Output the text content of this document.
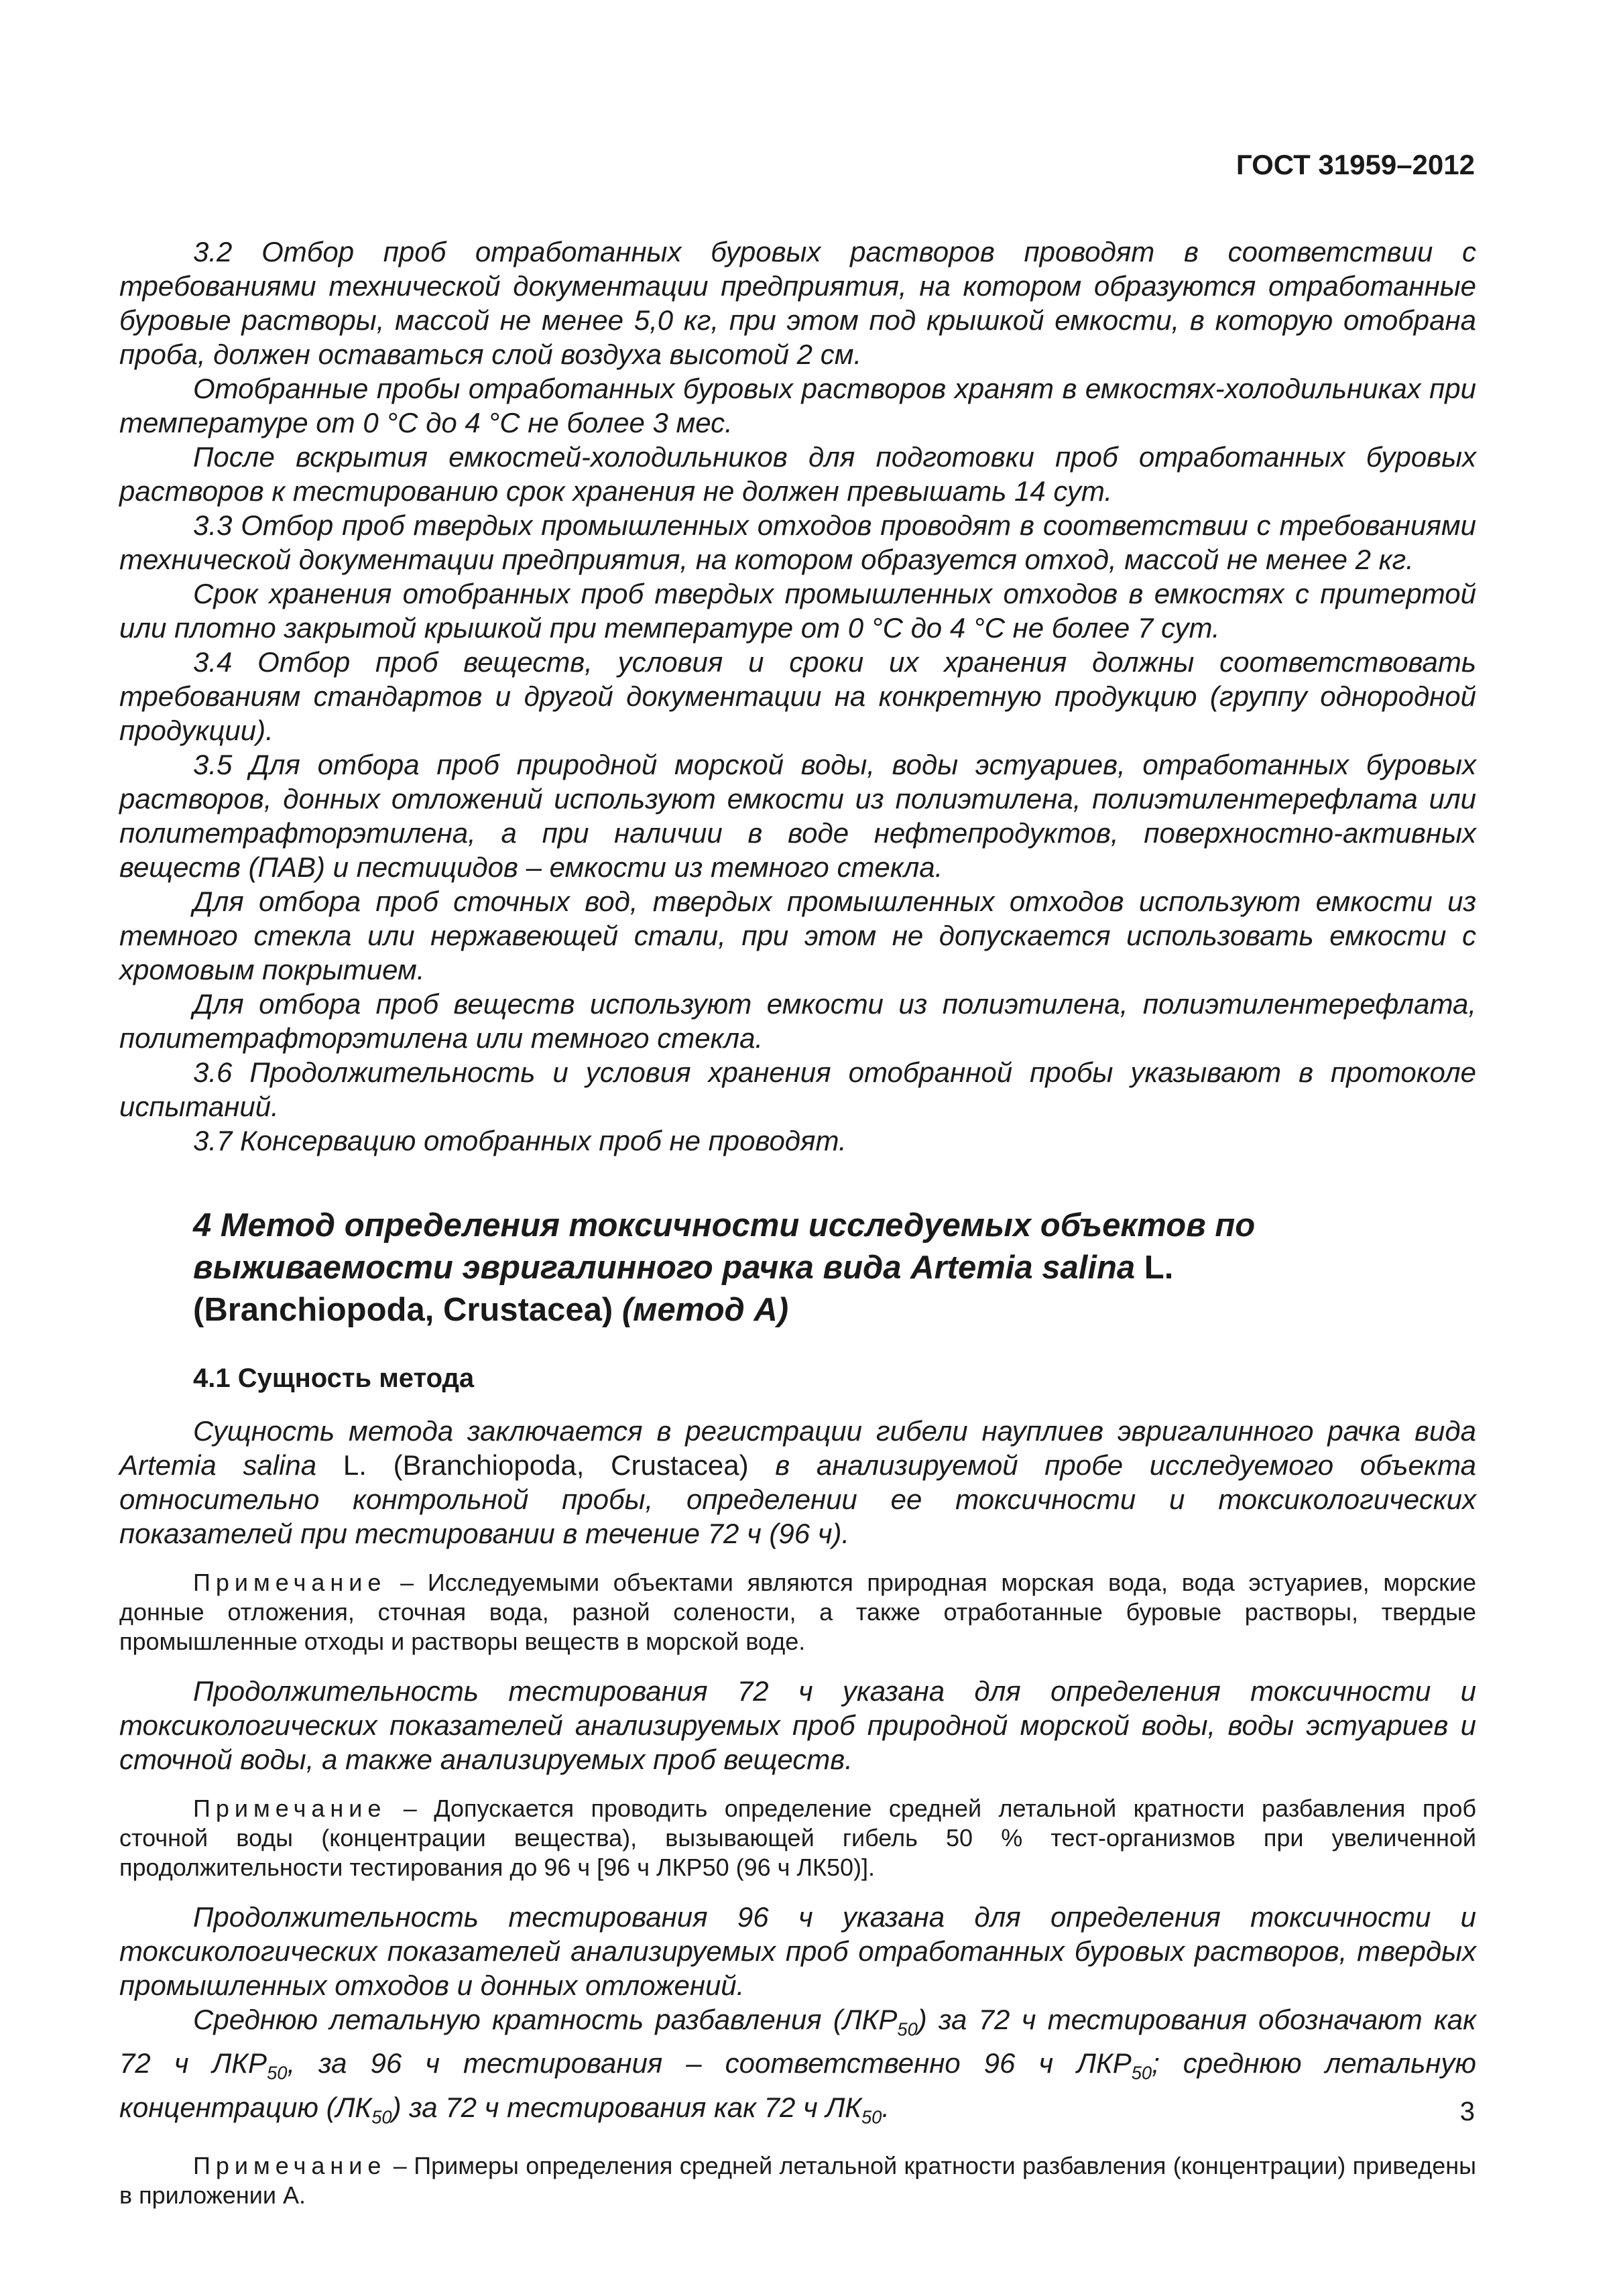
ГОСТ 31959–2012

3.2 Отбор проб отработанных буровых растворов проводят в соответствии с требованиями технической документации предприятия, на котором образуются отработанные буровые растворы, массой не менее 5,0 кг, при этом под крышкой емкости, в которую отобрана проба, должен оставаться слой воздуха высотой 2 см.

Отобранные пробы отработанных буровых растворов хранят в емкостях-холодильниках при температуре от 0 °С до 4 °С не более 3 мес.

После вскрытия емкостей-холодильников для подготовки проб отработанных буровых растворов к тестированию срок хранения не должен превышать 14 сут.

3.3 Отбор проб твердых промышленных отходов проводят в соответствии с требованиями технической документации предприятия, на котором образуется отход, массой не менее 2 кг.

Срок хранения отобранных проб твердых промышленных отходов в емкостях с притертой или плотно закрытой крышкой при температуре от 0 °С до 4 °С не более 7 сут.

3.4 Отбор проб веществ, условия и сроки их хранения должны соответствовать требованиям стандартов и другой документации на конкретную продукцию (группу однородной продукции).

3.5 Для отбора проб природной морской воды, воды эстуариев, отработанных буровых растворов, донных отложений используют емкости из полиэтилена, полиэтилентерефлата или политетрафторэтилена, а при наличии в воде нефтепродуктов, поверхностно-активных веществ (ПАВ) и пестицидов – емкости из темного стекла.

Для отбора проб сточных вод, твердых промышленных отходов используют емкости из темного стекла или нержавеющей стали, при этом не допускается использовать емкости с хромовым покрытием.

Для отбора проб веществ используют емкости из полиэтилена, полиэтилентерефлата, политетрафторэтилена или темного стекла.

3.6 Продолжительность и условия хранения отобранной пробы указывают в протоколе испытаний.

3.7 Консервацию отобранных проб не проводят.

4 Метод определения токсичности исследуемых объектов по выживаемости эвригалинного рачка вида Artemia salina L.
(Branchiopoda, Crustacea) (метод А)
4.1 Сущность метода

Сущность метода заключается в регистрации гибели науплиев эвригалинного рачка вида Artemia salina L. (Branchiopoda, Crustacea) в анализируемой пробе исследуемого объекта относительно контрольной пробы, определении ее токсичности и токсикологических показателей при тестировании в течение 72 ч (96 ч).

Примечание – Исследуемыми объектами являются природная морская вода, вода эстуариев, морские донные отложения, сточная вода, разной солености, а также отработанные буровые растворы, твердые промышленные отходы и растворы веществ в морской воде.

Продолжительность тестирования 72 ч указана для определения токсичности и токсикологических показателей анализируемых проб природной морской воды, воды эстуариев и сточной воды, а также анализируемых проб веществ.

Примечание – Допускается проводить определение средней летальной кратности разбавления проб сточной воды (концентрации вещества), вызывающей гибель 50 % тест-организмов при увеличенной продолжительности тестирования до 96 ч [96 ч ЛКР50 (96 ч ЛК50)].

Продолжительность тестирования 96 ч указана для определения токсичности и токсикологических показателей анализируемых проб отработанных буровых растворов, твердых промышленных отходов и донных отложений.

Среднюю летальную кратность разбавления $(ЛКР_{50})$ за 72 ч тестирования обозначают как 72 ч $ЛКР_{50}$, за 96 ч тестирования – соответственно 96 ч $ЛКР_{50}$; среднюю летальную концентрацию $(ЛК_{50})$ за 72 ч тестирования как 72 ч $ЛК_{50}$.

Примечание – Примеры определения средней летальной кратности разбавления (концентрации) приведены в приложении А.

3
